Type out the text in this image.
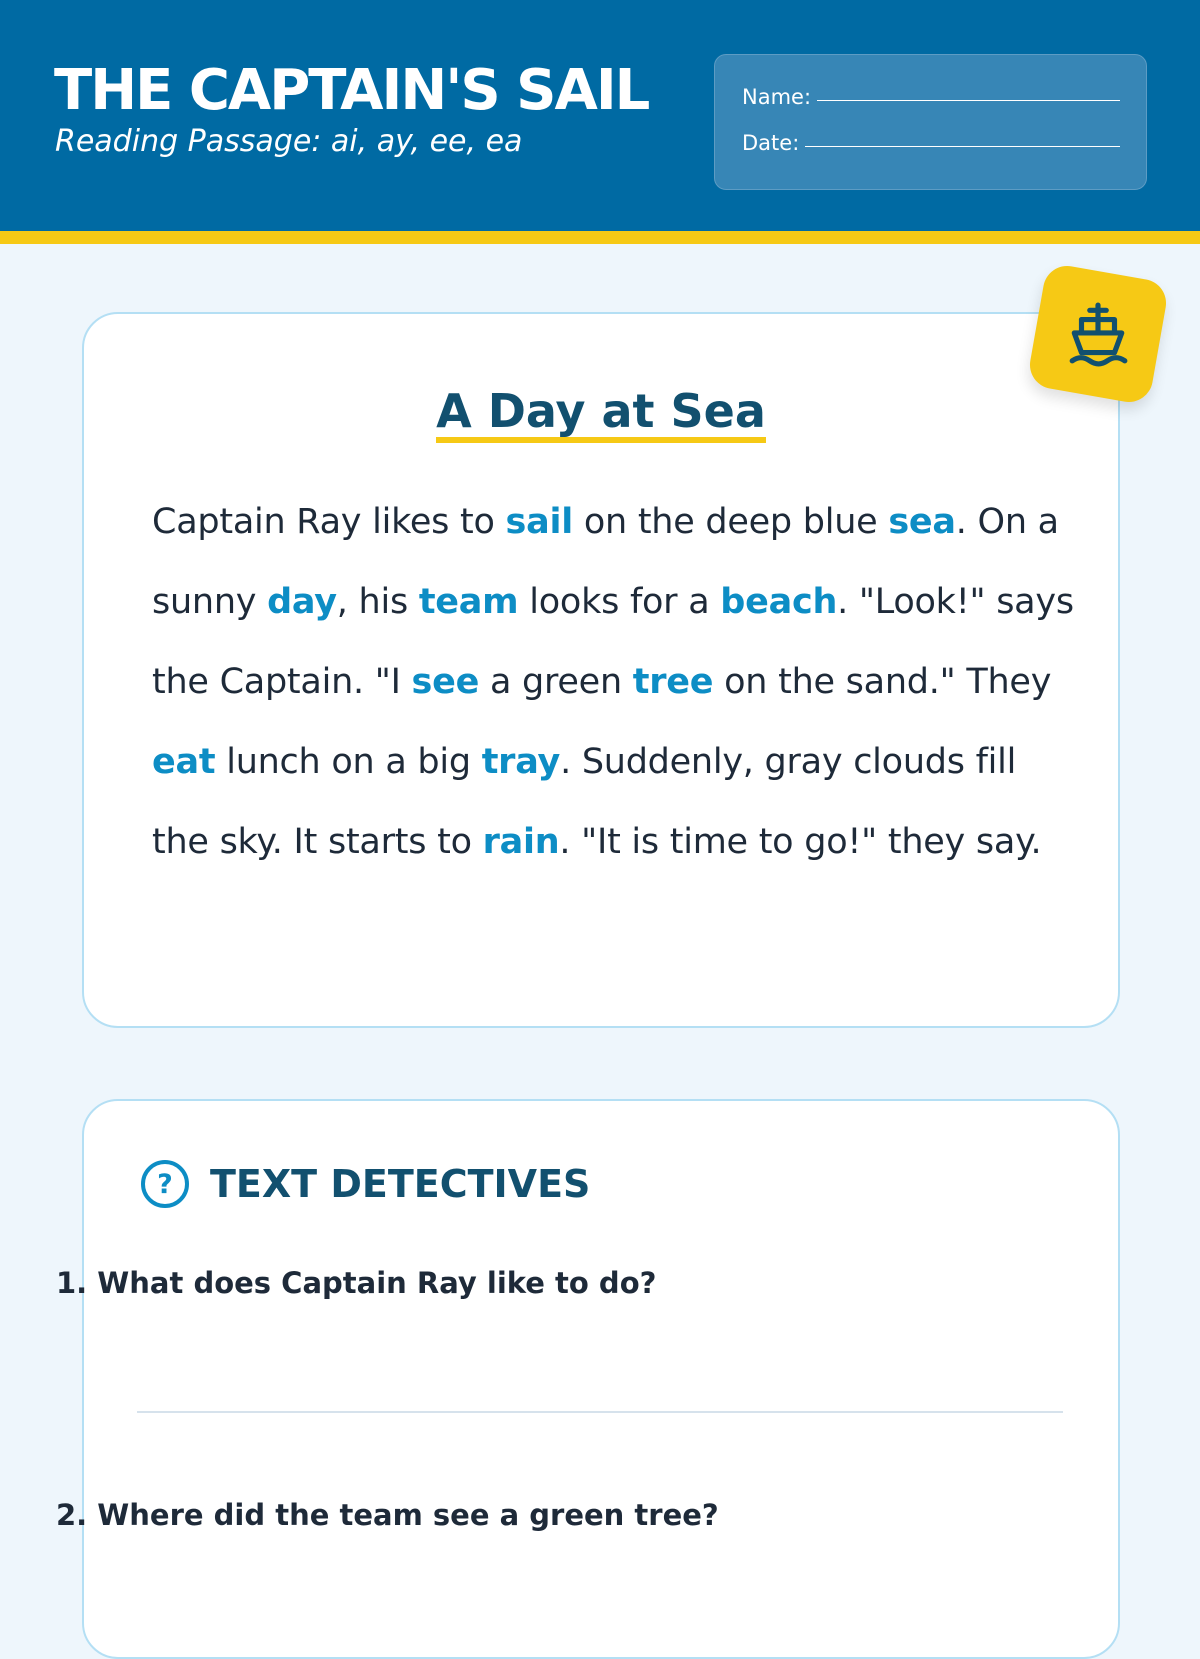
THE CAPTAIN'S SAIL
Reading Passage: ai, ay, ee, ea
Name:
Date:
A Day at Sea

Captain Ray likes to sail on the deep blue sea. On a sunny day, his team looks for a beach. "Look!" says the Captain. "I see a green tree on the sand." They eat lunch on a big tray. Suddenly, gray clouds fill the sky. It starts to rain. "It is time to go!" they say.

? TEXT DETECTIVES
1. What does Captain Ray like to do?
2. Where did the team see a green tree?
